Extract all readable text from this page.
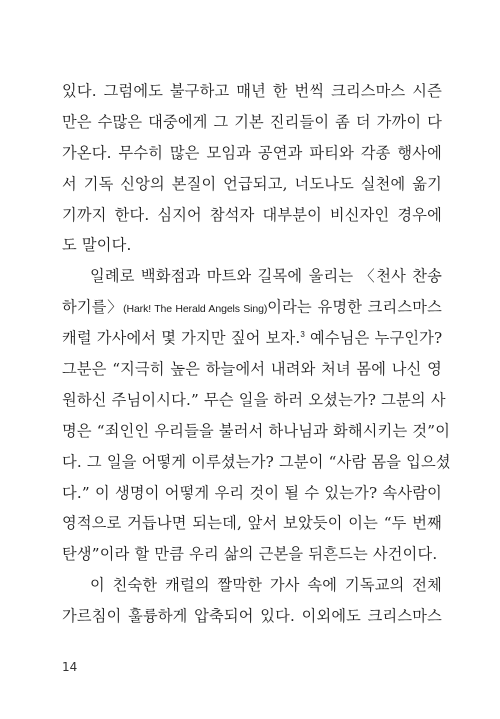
있다. 그럼에도 불구하고 매년 한 번씩 크리스마스 시즌
만은 수많은 대중에게 그 기본 진리들이 좀 더 가까이 다
가온다. 무수히 많은 모임과 공연과 파티와 각종 행사에
서 기독 신앙의 본질이 언급되고, 너도나도 실천에 옮기
기까지 한다. 심지어 참석자 대부분이 비신자인 경우에
도 말이다.
일례로 백화점과 마트와 길목에 울리는 〈천사 찬송
하기를〉(Hark! The Herald Angels Sing)이라는 유명한 크리스마스
캐럴 가사에서 몇 가지만 짚어 보자.$^3$ 예수님은 누구인가?
그분은 “지극히 높은 하늘에서 내려와 처녀 몸에 나신 영
원하신 주님이시다.” 무슨 일을 하러 오셨는가? 그분의 사
명은 “죄인인 우리들을 불러서 하나님과 화해시키는 것”이
다. 그 일을 어떻게 이루셨는가? 그분이 “사람 몸을 입으셨
다.” 이 생명이 어떻게 우리 것이 될 수 있는가? 속사람이
영적으로 거듭나면 되는데, 앞서 보았듯이 이는 “두 번째
탄생”이라 할 만큼 우리 삶의 근본을 뒤흔드는 사건이다.
이 친숙한 캐럴의 짤막한 가사 속에 기독교의 전체
가르침이 훌륭하게 압축되어 있다. 이외에도 크리스마스
14
